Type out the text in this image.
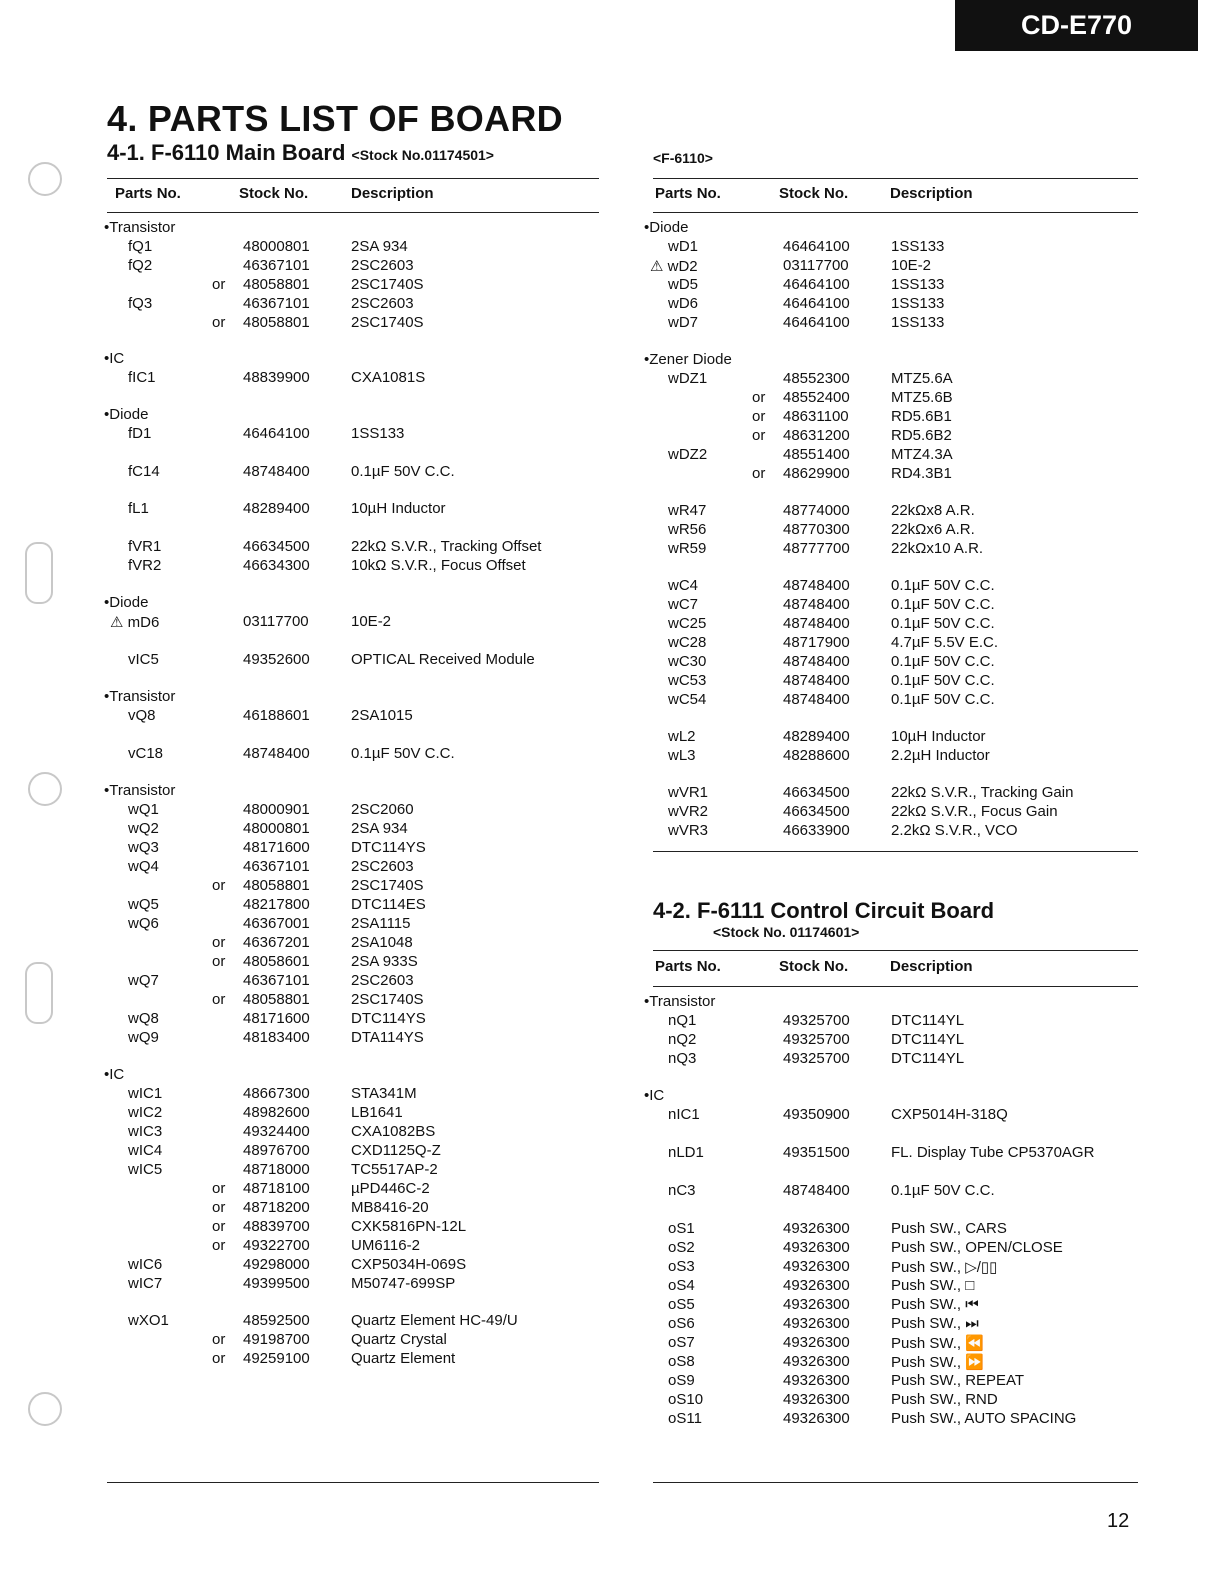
CD-E770
4. PARTS LIST OF BOARD
4-1. F-6110 Main Board <Stock No.01174501>	<F-6110>
Parts No.	Stock No.	Description	Parts No.	Stock No.	Description
•Transistor
fQ1	48000801	2SA 934
fQ2	46367101	2SC2603
or 48058801	2SC1740S
fQ3	46367101	2SC2603
or 48058801	2SC1740S
•IC
fIC1	48839900	CXA1081S
•Diode
fD1	46464100	1SS133
fC14	48748400	0.1µF 50V C.C.
fL1	48289400	10µH Inductor
fVR1	46634500	22kΩ S.V.R., Tracking Offset
fVR2	46634300	10kΩ S.V.R., Focus Offset
•Diode
⚠ mD6	03117700	10E-2
vIC5	49352600	OPTICAL Received Module
•Transistor
vQ8	46188601	2SA1015
vC18	48748400	0.1µF 50V C.C.
•Transistor
wQ1	48000901	2SC2060
wQ2	48000801	2SA 934
wQ3	48171600	DTC114YS
wQ4	46367101	2SC2603
or 48058801	2SC1740S
wQ5	48217800	DTC114ES
wQ6	46367001	2SA1115
or 46367201	2SA1048
or 48058601	2SA 933S
wQ7	46367101	2SC2603
or 48058801	2SC1740S
wQ8	48171600	DTC114YS
wQ9	48183400	DTA114YS
•IC
wIC1	48667300	STA341M
wIC2	48982600	LB1641
wIC3	49324400	CXA1082BS
wIC4	48976700	CXD1125Q-Z
wIC5	48718000	TC5517AP-2
or 48718100	µPD446C-2
or 48718200	MB8416-20
or 48839700	CXK5816PN-12L
or 49322700	UM6116-2
wIC6	49298000	CXP5034H-069S
wIC7	49399500	M50747-699SP
wXO1	48592500	Quartz Element HC-49/U
or 49198700	Quartz Crystal
or 49259100	Quartz Element
•Diode
wD1	46464100	1SS133
⚠ wD2	03117700	10E-2
wD5	46464100	1SS133
wD6	46464100	1SS133
wD7	46464100	1SS133
•Zener Diode
wDZ1	48552300	MTZ5.6A
or 48552400	MTZ5.6B
or 48631100	RD5.6B1
or 48631200	RD5.6B2
wDZ2	48551400	MTZ4.3A
or 48629900	RD4.3B1
wR47	48774000	22kΩx8 A.R.
wR56	48770300	22kΩx6 A.R.
wR59	48777700	22kΩx10 A.R.
wC4	48748400	0.1µF 50V C.C.
wC7	48748400	0.1µF 50V C.C.
wC25	48748400	0.1µF 50V C.C.
wC28	48717900	4.7µF 5.5V E.C.
wC30	48748400	0.1µF 50V C.C.
wC53	48748400	0.1µF 50V C.C.
wC54	48748400	0.1µF 50V C.C.
wL2	48289400	10µH Inductor
wL3	48288600	2.2µH Inductor
wVR1	46634500	22kΩ S.V.R., Tracking Gain
wVR2	46634500	22kΩ S.V.R., Focus Gain
wVR3	46633900	2.2kΩ S.V.R., VCO
4-2. F-6111 Control Circuit Board
<Stock No. 01174601>
Parts No.	Stock No.	Description
•Transistor
nQ1	49325700	DTC114YL
nQ2	49325700	DTC114YL
nQ3	49325700	DTC114YL
•IC
nIC1	49350900	CXP5014H-318Q
nLD1	49351500	FL. Display Tube CP5370AGR
nC3	48748400	0.1µF 50V C.C.
oS1	49326300	Push SW., CARS
oS2	49326300	Push SW., OPEN/CLOSE
oS3	49326300	Push SW., ▷/▯▯
oS4	49326300	Push SW., □
oS5	49326300	Push SW., ⏮
oS6	49326300	Push SW., ⏭
oS7	49326300	Push SW., ⏪
oS8	49326300	Push SW., ⏩
oS9	49326300	Push SW., REPEAT
oS10	49326300	Push SW., RND
oS11	49326300	Push SW., AUTO SPACING
12
